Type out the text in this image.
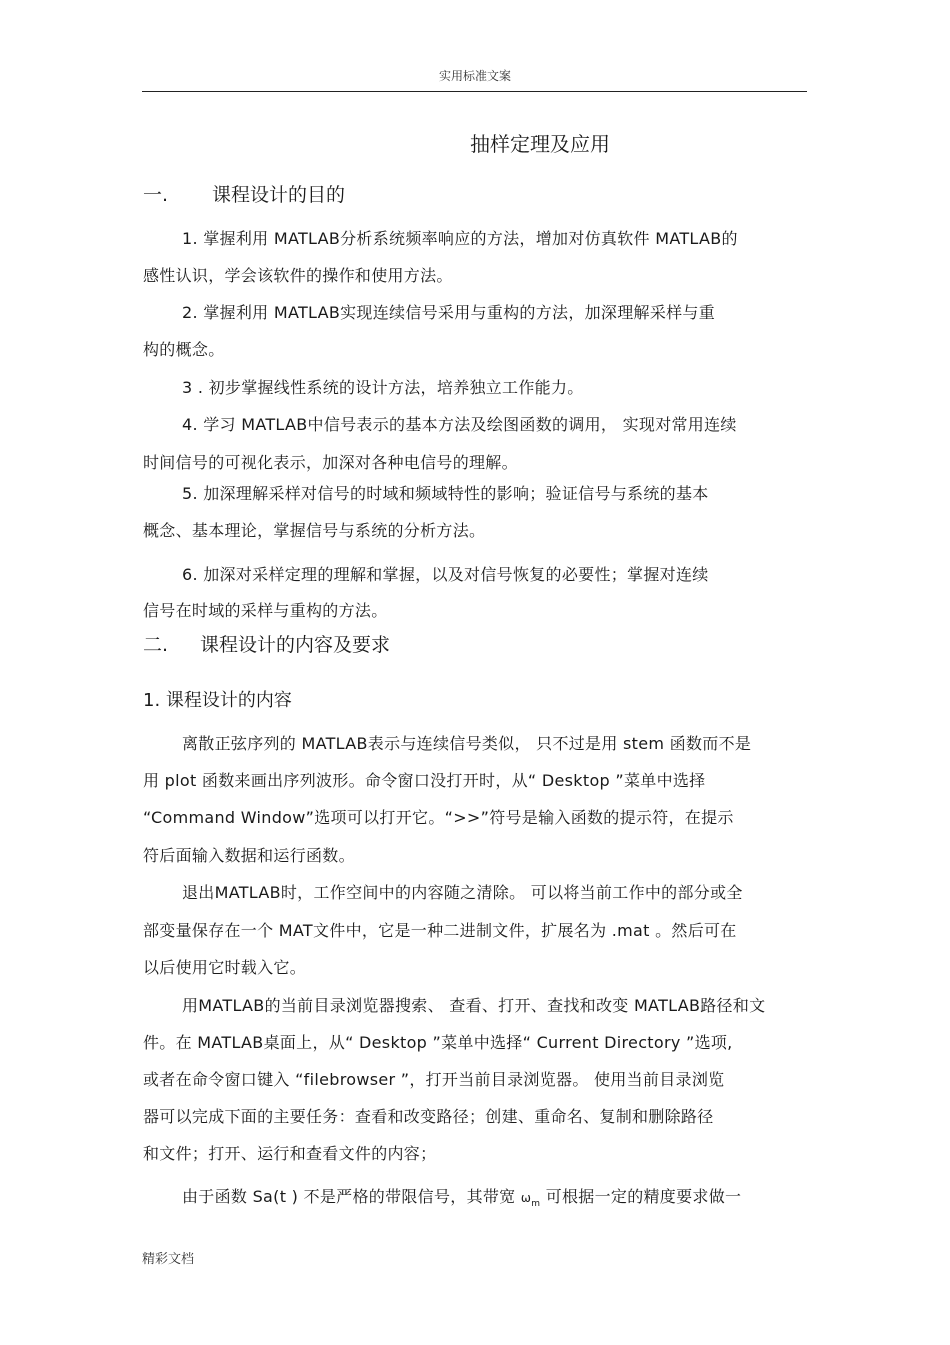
实用标准文案
抽样定理及应用
一. 课程设计的目的
1. 掌握利用 MATLAB分析系统频率响应的方法，增加对仿真软件 MATLAB的
感性认识，学会该软件的操作和使用方法。
2. 掌握利用 MATLAB实现连续信号采用与重构的方法，加深理解采样与重
构的概念。
3 . 初步掌握线性系统的设计方法，培养独立工作能力。
4. 学习 MATLAB中信号表示的基本方法及绘图函数的调用， 实现对常用连续
时间信号的可视化表示，加深对各种电信号的理解。
5. 加深理解采样对信号的时域和频域特性的影响；验证信号与系统的基本
概念、基本理论，掌握信号与系统的分析方法。
6. 加深对采样定理的理解和掌握，以及对信号恢复的必要性；掌握对连续
信号在时域的采样与重构的方法。
二. 课程设计的内容及要求
1. 课程设计的内容
离散正弦序列的 MATLAB表示与连续信号类似， 只不过是用 stem 函数而不是
用 plot 函数来画出序列波形。命令窗口没打开时，从“ Desktop ”菜单中选择
“Command Window”选项可以打开它。“>>”符号是输入函数的提示符，在提示
符后面输入数据和运行函数。
退出MATLAB时，工作空间中的内容随之清除。 可以将当前工作中的部分或全
部变量保存在一个 MAT文件中，它是一种二进制文件，扩展名为 .mat 。然后可在
以后使用它时载入它。
用MATLAB的当前目录浏览器搜索、 查看、打开、查找和改变 MATLAB路径和文
件。在 MATLAB桌面上，从“ Desktop ”菜单中选择“ Current Directory ”选项,
或者在命令窗口键入 “filebrowser ”，打开当前目录浏览器。 使用当前目录浏览
器可以完成下面的主要任务：查看和改变路径；创建、重命名、复制和删除路径
和文件；打开、运行和查看文件的内容；
由于函数 Sa(t ) 不是严格的带限信号，其带宽 $\omega_m$ 可根据一定的精度要求做一
精彩文档
